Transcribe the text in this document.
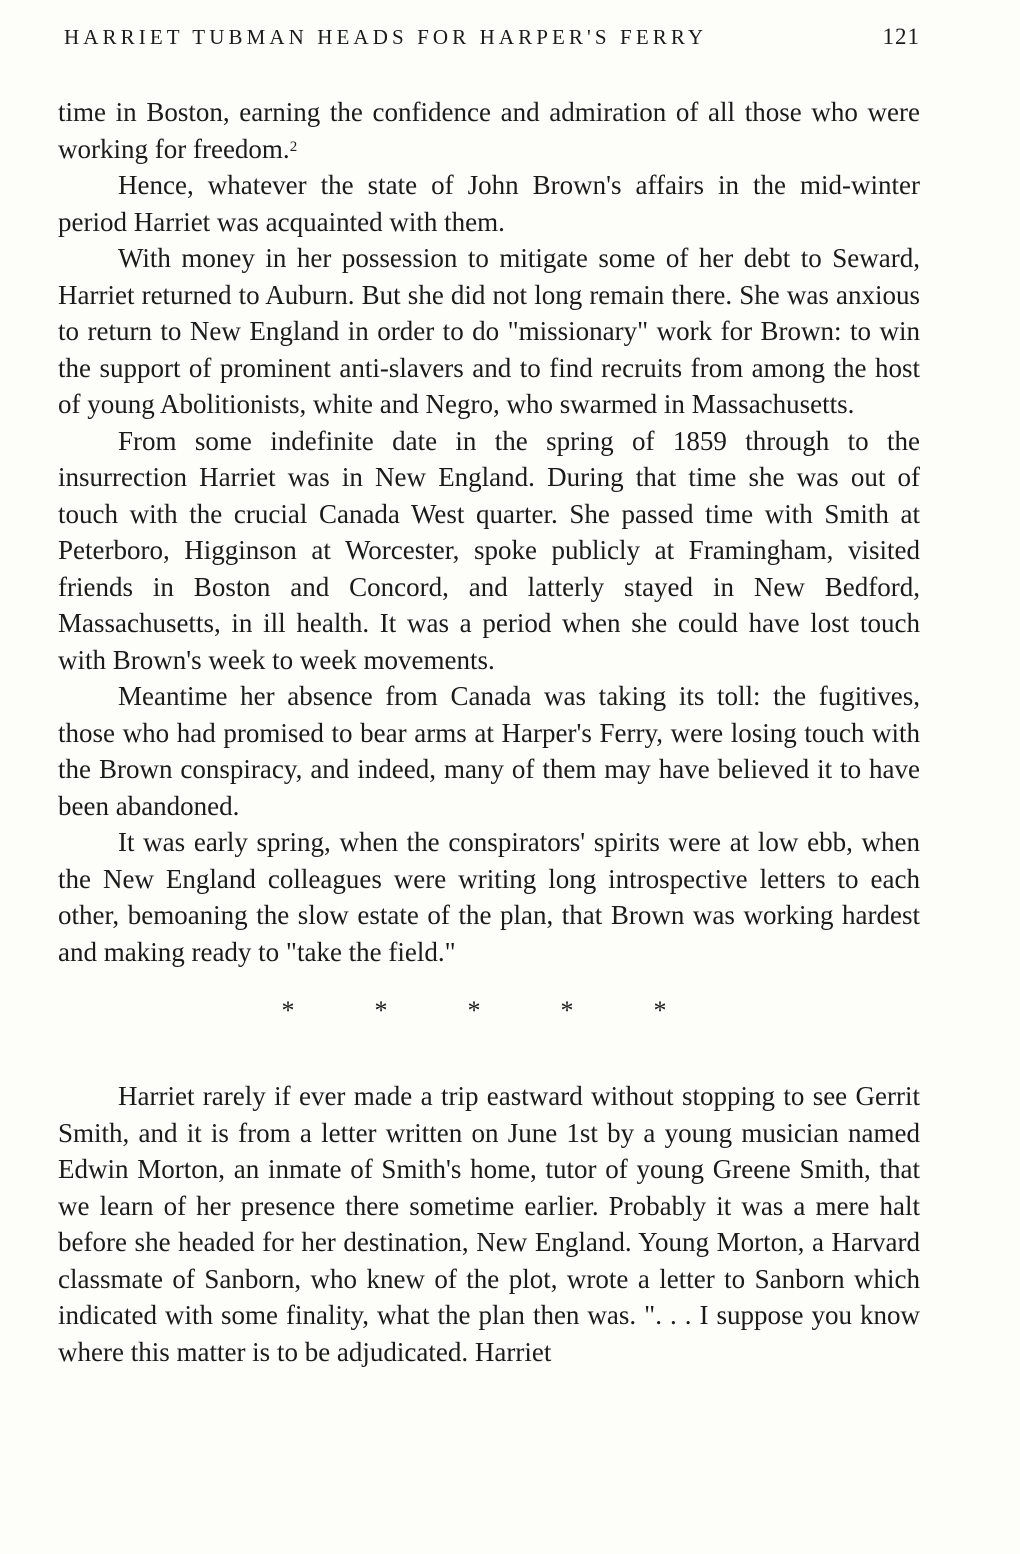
HARRIET TUBMAN HEADS FOR HARPER'S FERRY	121

time in Boston, earning the confidence and admiration of all those who were working for freedom.$^2$

Hence, whatever the state of John Brown's affairs in the mid-winter period Harriet was acquainted with them.

With money in her possession to mitigate some of her debt to Seward, Harriet returned to Auburn. But she did not long remain there. She was anxious to return to New England in order to do "missionary" work for Brown: to win the support of prominent anti-slavers and to find recruits from among the host of young Abolitionists, white and Negro, who swarmed in Massachusetts.

From some indefinite date in the spring of 1859 through to the insurrection Harriet was in New England. During that time she was out of touch with the crucial Canada West quarter. She passed time with Smith at Peterboro, Higginson at Worcester, spoke publicly at Framingham, visited friends in Boston and Concord, and latterly stayed in New Bedford, Massachusetts, in ill health. It was a period when she could have lost touch with Brown's week to week movements.

Meantime her absence from Canada was taking its toll: the fugitives, those who had promised to bear arms at Harper's Ferry, were losing touch with the Brown conspiracy, and indeed, many of them may have believed it to have been abandoned.

It was early spring, when the conspirators' spirits were at low ebb, when the New England colleagues were writing long introspective letters to each other, bemoaning the slow estate of the plan, that Brown was working hardest and making ready to "take the field."

*	*	*	*	*

Harriet rarely if ever made a trip eastward without stopping to see Gerrit Smith, and it is from a letter written on June 1st by a young musician named Edwin Morton, an inmate of Smith's home, tutor of young Greene Smith, that we learn of her presence there sometime earlier. Probably it was a mere halt before she headed for her destination, New England. Young Morton, a Harvard classmate of Sanborn, who knew of the plot, wrote a letter to Sanborn which indicated with some finality, what the plan then was. ". . . I suppose you know where this matter is to be adjudicated. Harriet
